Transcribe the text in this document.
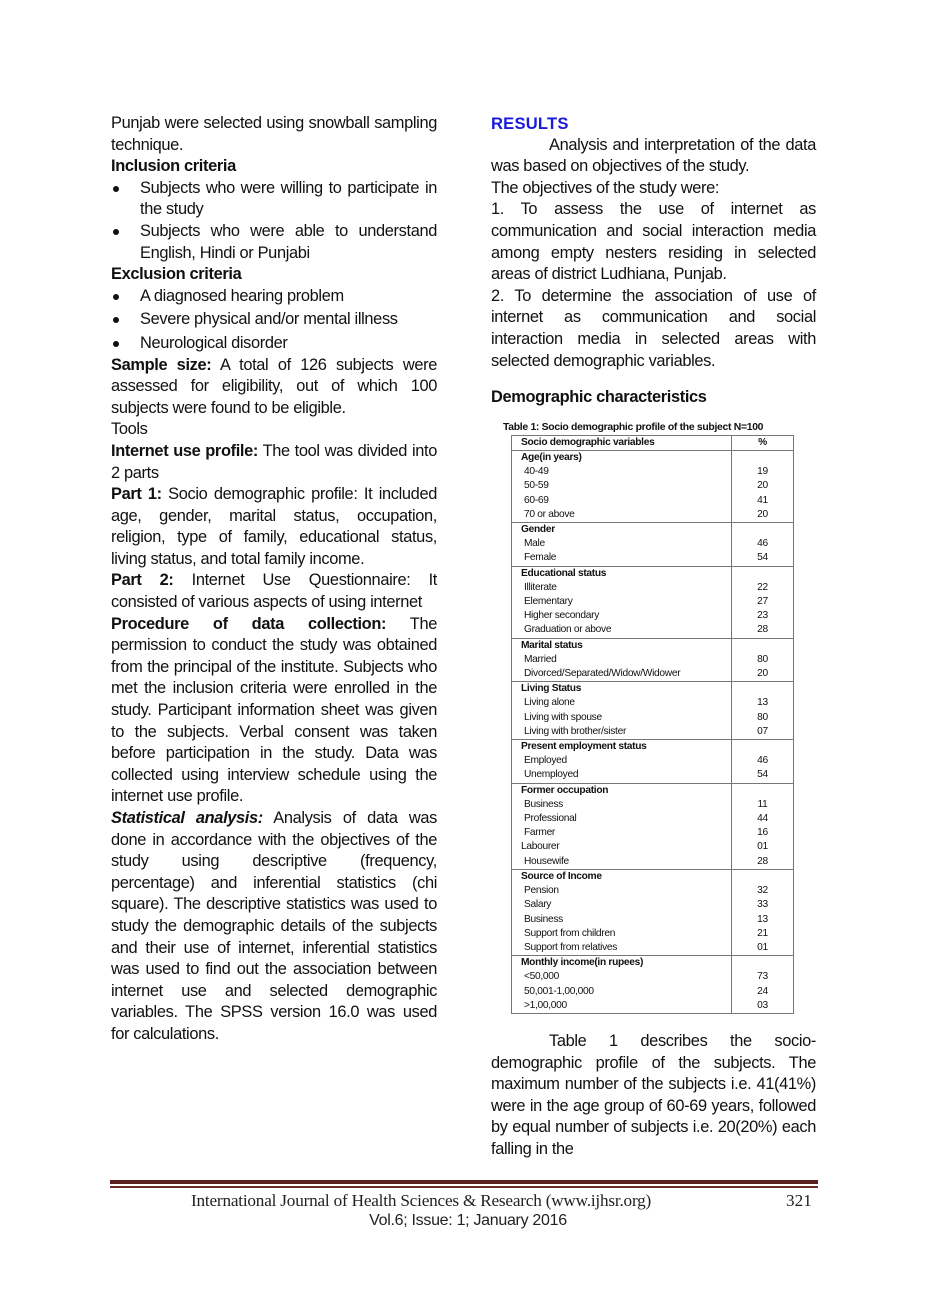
Punjab were selected using snowball sampling technique.

Inclusion criteria

Subjects who were willing to participate in the study
Subjects who were able to understand English, Hindi or Punjabi

Exclusion criteria

A diagnosed hearing problem
Severe physical and/or mental illness
Neurological disorder

Sample size: A total of 126 subjects were assessed for eligibility, out of which 100 subjects were found to be eligible.

Tools

Internet use profile: The tool was divided into 2 parts

Part 1: Socio demographic profile: It included age, gender, marital status, occupation, religion, type of family, educational status, living status, and total family income.

Part 2: Internet Use Questionnaire: It consisted of various aspects of using internet

Procedure of data collection: The permission to conduct the study was obtained from the principal of the institute. Subjects who met the inclusion criteria were enrolled in the study. Participant information sheet was given to the subjects. Verbal consent was taken before participation in the study. Data was collected using interview schedule using the internet use profile.

Statistical analysis: Analysis of data was done in accordance with the objectives of the study using descriptive (frequency, percentage) and inferential statistics (chi square). The descriptive statistics was used to study the demographic details of the subjects and their use of internet, inferential statistics was used to find out the association between internet use and selected demographic variables. The SPSS version 16.0 was used for calculations.

RESULTS

Analysis and interpretation of the data was based on objectives of the study.

The objectives of the study were:

1. To assess the use of internet as communication and social interaction media among empty nesters residing in selected areas of district Ludhiana, Punjab.

2. To determine the association of use of internet as communication and social interaction media in selected areas with selected demographic variables.

Demographic characteristics

Table 1: Socio demographic profile of the subject N=100
Socio demographic variables	%
Age(in years)	
40-49	19
50-59	20
60-69	41
70 or above	20
Gender	
Male	46
Female	54
Educational status	
Illiterate	22
Elementary	27
Higher secondary	23
Graduation or above	28
Marital status	
Married	80
Divorced/Separated/Widow/Widower	20
Living Status	
Living alone	13
Living with spouse	80
Living with brother/sister	07
Present employment status	
Employed	46
Unemployed	54
Former occupation	
Business	11
Professional	44
Farmer	16
Labourer	01
Housewife	28
Source of Income	
Pension	32
Salary	33
Business	13
Support from children	21
Support from relatives	01
Monthly income(in rupees)	
<50,000	73
50,001-1,00,000	24
>1,00,000	03

Table 1 describes the socio-demographic profile of the subjects. The maximum number of the subjects i.e. 41(41%) were in the age group of 60-69 years, followed by equal number of subjects i.e. 20(20%) each falling in the

International Journal of Health Sciences & Research (www.ijhsr.org)	321
Vol.6; Issue: 1; January 2016
